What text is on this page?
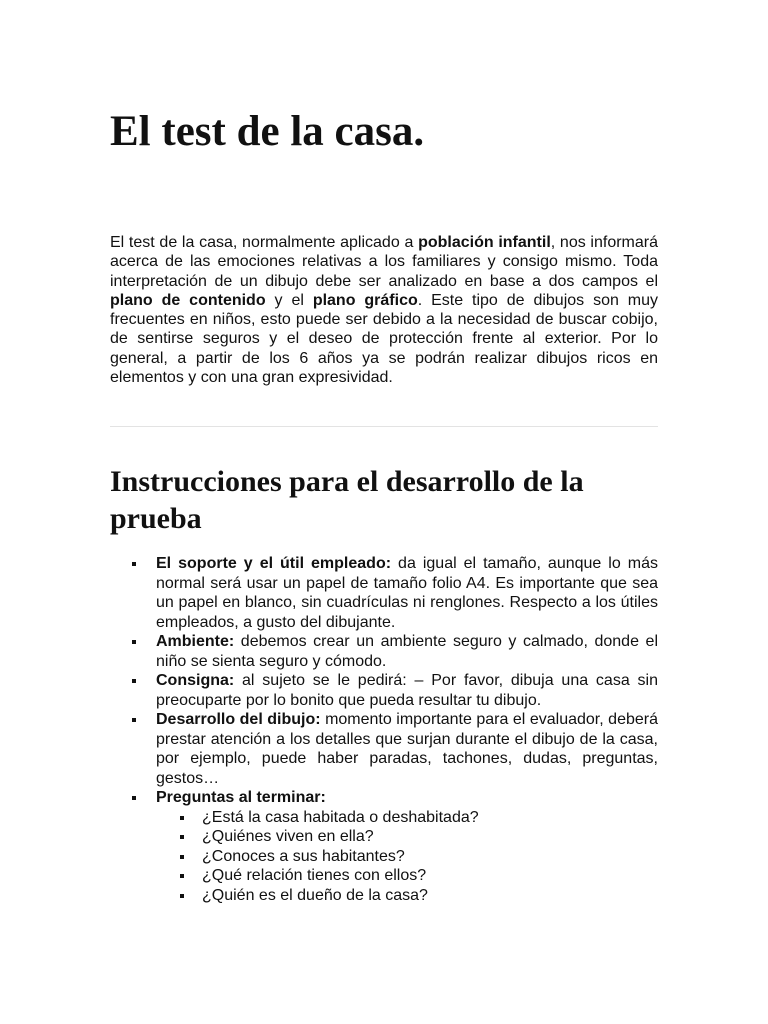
El test de la casa.

El test de la casa, normalmente aplicado a población infantil, nos informará acerca de las emociones relativas a los familiares y consigo mismo. Toda interpretación de un dibujo debe ser analizado en base a dos campos el plano de contenido y el plano gráfico. Este tipo de dibujos son muy frecuentes en niños, esto puede ser debido a la necesidad de buscar cobijo, de sentirse seguros y el deseo de protección frente al exterior. Por lo general, a partir de los 6 años ya se podrán realizar dibujos ricos en elementos y con una gran expresividad.

Instrucciones para el desarrollo de la prueba
El soporte y el útil empleado: da igual el tamaño, aunque lo más normal será usar un papel de tamaño folio A4. Es importante que sea un papel en blanco, sin cuadrículas ni renglones. Respecto a los útiles empleados, a gusto del dibujante.
Ambiente: debemos crear un ambiente seguro y calmado, donde el niño se sienta seguro y cómodo.
Consigna: al sujeto se le pedirá: – Por favor, dibuja una casa sin preocuparte por lo bonito que pueda resultar tu dibujo.
Desarrollo del dibujo: momento importante para el evaluador, deberá prestar atención a los detalles que surjan durante el dibujo de la casa, por ejemplo, puede haber paradas, tachones, dudas, preguntas, gestos…
Preguntas al terminar:
¿Está la casa habitada o deshabitada?
¿Quiénes viven en ella?
¿Conoces a sus habitantes?
¿Qué relación tienes con ellos?
¿Quién es el dueño de la casa?
